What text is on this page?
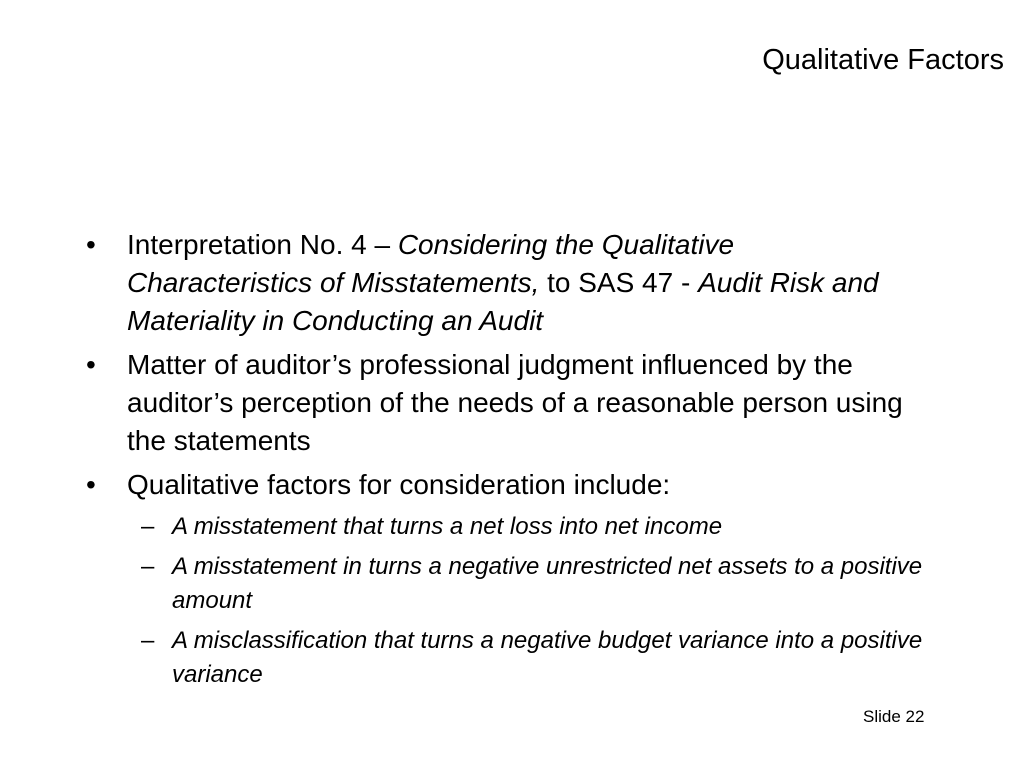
Qualitative Factors
• Interpretation No. 4 – Considering the Qualitative Characteristics of Misstatements, to SAS 47 - Audit Risk and Materiality in Conducting an Audit
• Matter of auditor’s professional judgment influenced by the auditor’s perception of the needs of a reasonable person using the statements
• Qualitative factors for consideration include:
– A misstatement that turns a net loss into net income
– A misstatement in turns a negative unrestricted net assets to a positive amount
– A misclassification that turns a negative budget variance into a positive variance
Slide 22
